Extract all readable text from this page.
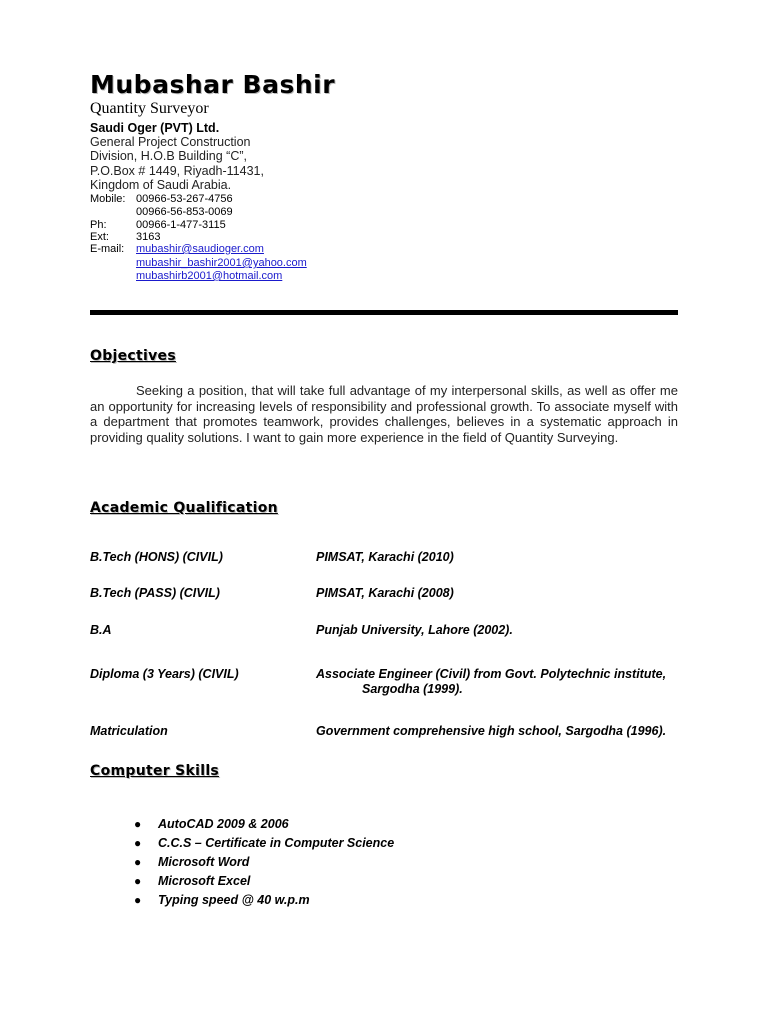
Mubashar Bashir
Quantity Surveyor
Saudi Oger (PVT) Ltd.
General Project Construction
Division, H.O.B Building “C”,
P.O.Box # 1449, Riyadh-11431,
Kingdom of Saudi Arabia.
Mobile: 00966-53-267-4756
00966-56-853-0069
Ph:	00966-1-477-3115
Ext: 3163
E-mail: mubashir@saudioger.com
mubashir_bashir2001@yahoo.com
mubashirb2001@hotmail.com
Objectives
Seeking a position, that will take full advantage of my interpersonal skills, as well as offer me an opportunity for increasing levels of responsibility and professional growth. To associate myself with a department that promotes teamwork, provides challenges, believes in a systematic approach in providing quality solutions. I want to gain more experience in the field of Quantity Surveying.
Academic Qualification
B.Tech (HONS) (CIVIL)	PIMSAT, Karachi (2010)
B.Tech (PASS) (CIVIL)	PIMSAT, Karachi (2008)
B.A	Punjab University, Lahore (2002).
Diploma (3 Years) (CIVIL)	Associate Engineer (Civil) from Govt. Polytechnic institute,
Sargodha (1999).
Matriculation	Government comprehensive high school, Sargodha (1996).
Computer Skills
● AutoCAD 2009 & 2006
● C.C.S – Certificate in Computer Science
● Microsoft Word
● Microsoft Excel
● Typing speed @ 40 w.p.m
